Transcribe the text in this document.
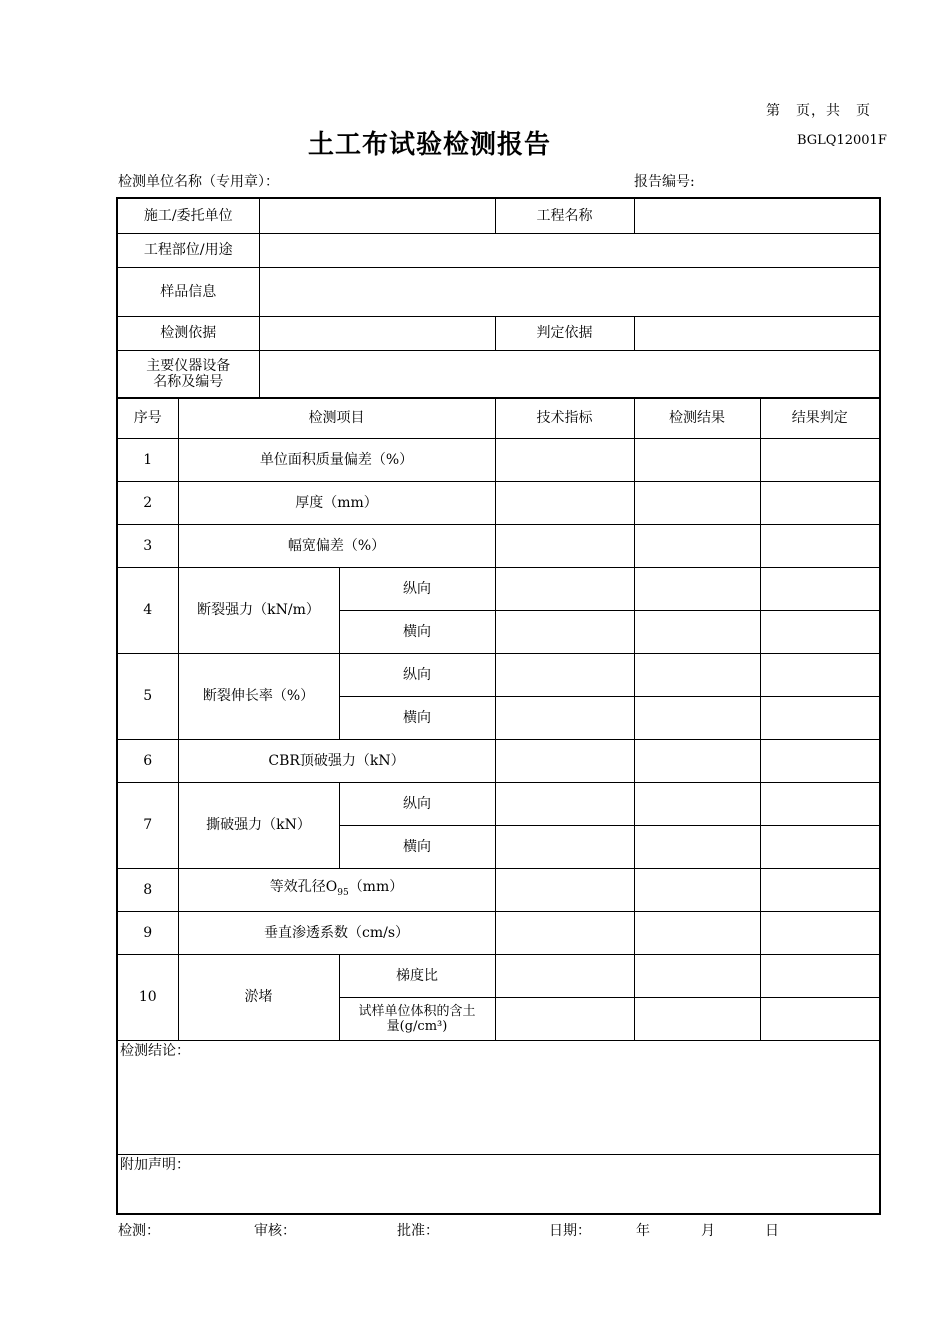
第　页，共　页
土工布试验检测报告	BGLQ12001F
检测单位名称（专用章）：	报告编号:
施工/委托单位				工程名称		
工程部位/用途						
样品信息						
检测依据				判定依据		

主要仪器设备
名称及编号						

序号	检测项目			技术指标	检测结果	结果判定
1	单位面积质量偏差（%）					
2	厚度（mm）					
3	幅宽偏差（%）					
4	断裂强力（kN/m）		纵向			
			横向			
5	断裂伸长率（%）		纵向			
			横向			
6	CBR顶破强力（kN）					
7	撕破强力（kN）		纵向			
			横向			
8	等效孔径$O_{95}(mm)$					
9	垂直渗透系数（cm/s）					
10	淤堵		梯度比			

			试样单位体积的含土
量(g/cm³)			

检测结论：						
附加声明：						
检测：	审核：	批准：	日期：	年	月	日
